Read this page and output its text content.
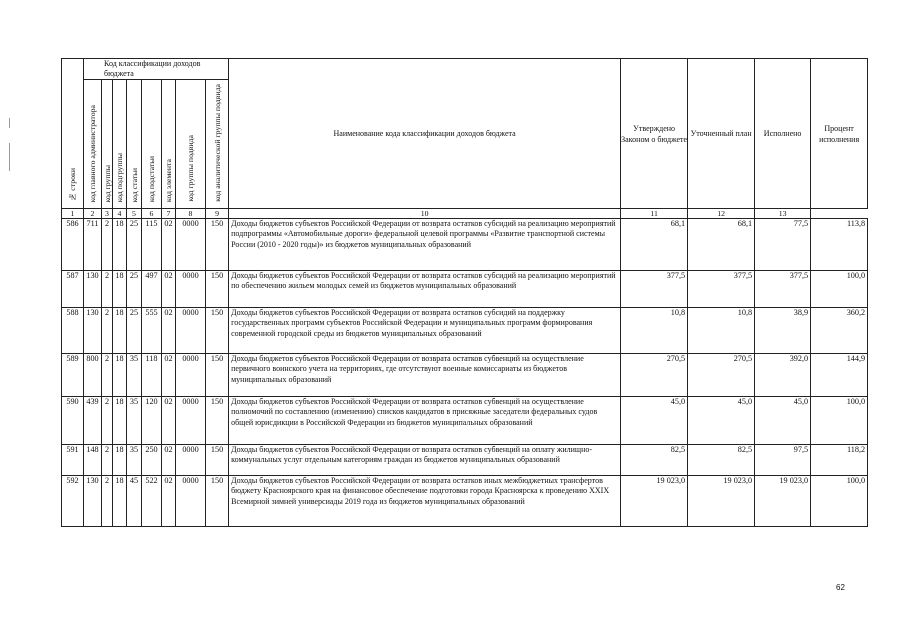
№ строки	Код классификации доходов бюджета								Наименование кода классификации доходов бюджета	Утверждено Законом о бюджете	Уточненный план	Исполнено	Процент исполнения
	код главного администратора	код группы	код подгруппы	код статьи	код подстатьи	код элемента	код группы подвида	код аналитической группы подвида					
1	2	3	4	5	6	7	8	9	10	11	12	13	
586	711	2	18	25	115	02	0000	150	Доходы бюджетов субъектов Российской Федерации от возврата остатков субсидий на реализацию мероприятий подпрограммы «Автомобильные дороги» федеральной целевой программы «Развитие транспортной системы России (2010 - 2020 годы)» из бюджетов муниципальных образований	68,1	68,1	77,5	113,8
587	130	2	18	25	497	02	0000	150	Доходы бюджетов субъектов Российской Федерации от возврата остатков субсидий на реализацию мероприятий по обеспечению жильем молодых семей из бюджетов муниципальных образований	377,5	377,5	377,5	100,0
588	130	2	18	25	555	02	0000	150	Доходы бюджетов субъектов Российской Федерации от возврата остатков субсидий на поддержку государственных программ субъектов Российской Федерации и муниципальных программ формирования современной городской среды из бюджетов муниципальных образований	10,8	10,8	38,9	360,2
589	800	2	18	35	118	02	0000	150	Доходы бюджетов субъектов Российской Федерации от возврата остатков субвенций на осуществление первичного воинского учета на территориях, где отсутствуют военные комиссариаты из бюджетов муниципальных образований	270,5	270,5	392,0	144,9
590	439	2	18	35	120	02	0000	150	Доходы бюджетов субъектов Российской Федерации от возврата остатков субвенций на осуществление полномочий по составлению (изменению) списков кандидатов в присяжные заседатели федеральных судов общей юрисдикции в Российской Федерации из бюджетов муниципальных образований	45,0	45,0	45,0	100,0
591	148	2	18	35	250	02	0000	150	Доходы бюджетов субъектов Российской Федерации от возврата остатков субвенций на оплату жилищно-коммунальных услуг отдельным категориям граждан из бюджетов муниципальных образований	82,5	82,5	97,5	118,2
592	130	2	18	45	522	02	0000	150	Доходы бюджетов субъектов Российской Федерации от возврата остатков иных межбюджетных трансфертов бюджету Красноярского края на финансовое обеспечение подготовки города Красноярска к проведению XXIX Всемирной зимней универсиады 2019 года из бюджетов муниципальных образований	19 023,0	19 023,0	19 023,0	100,0
62
